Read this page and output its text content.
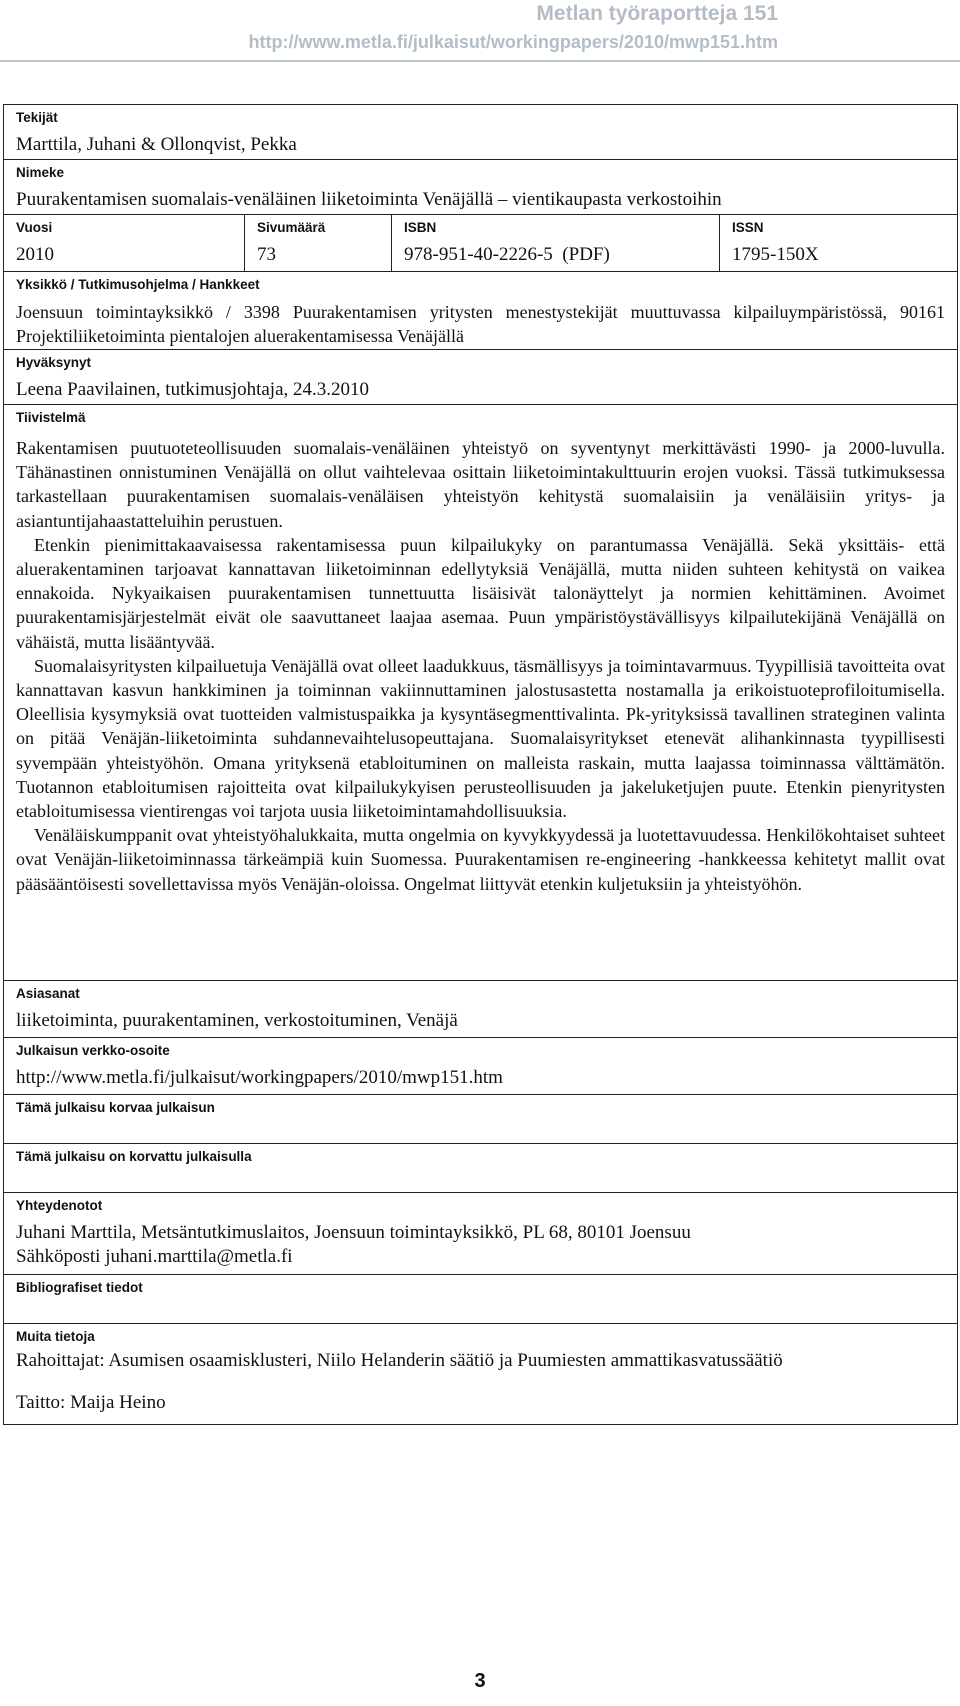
Metlan työraportteja 151
http://www.metla.fi/julkaisut/workingpapers/2010/mwp151.htm
Tekijät
Marttila, Juhani & Ollonqvist, Pekka
Nimeke
Puurakentamisen suomalais-venäläinen liiketoiminta Venäjällä – vientikaupasta verkostoihin
Vuosi
2010
Sivumäärä
73
ISBN
978-951-40-2226-5  (PDF)
ISSN
1795-150X
Yksikkö / Tutkimusohjelma / Hankkeet
Joensuun toimintayksikkö / 3398 Puurakentamisen yritysten menestystekijät muuttuvassa kilpailuympäristössä, 90161 Projektiliiketoiminta pientalojen aluerakentamisessa Venäjällä
Hyväksynyt
Leena Paavilainen, tutkimusjohtaja, 24.3.2010
Tiivistelmä

Rakentamisen puutuoteteollisuuden suomalais-venäläinen yhteistyö on syventynyt merkittävästi 1990- ja 2000-luvulla. Tähänastinen onnistuminen Venäjällä on ollut vaihtelevaa osittain liiketoimintakulttuurin erojen vuoksi. Tässä tutkimuksessa tarkastellaan puurakentamisen suomalais-venäläisen yhteistyön kehitystä suomalaisiin ja venäläisiin yritys- ja asiantuntijahaastatteluihin perustuen.

Etenkin pienimittakaavaisessa rakentamisessa puun kilpailukyky on parantumassa Venäjällä. Sekä yksittäis- että aluerakentaminen tarjoavat kannattavan liiketoiminnan edellytyksiä Venäjällä, mutta niiden suhteen kehitystä on vaikea ennakoida. Nykyaikaisen puurakentamisen tunnettuutta lisäisivät talonäyttelyt ja normien kehittäminen. Avoimet puurakentamisjärjestelmät eivät ole saavuttaneet laajaa asemaa. Puun ympäristöystävällisyys kilpailutekijänä Venäjällä on vähäistä, mutta lisääntyvää.

Suomalaisyritysten kilpailuetuja Venäjällä ovat olleet laadukkuus, täsmällisyys ja toimintavarmuus. Tyypillisiä tavoitteita ovat kannattavan kasvun hankkiminen ja toiminnan vakiinnuttaminen jalostusastetta nostamalla ja erikoistuoteprofiloitumisella. Oleellisia kysymyksiä ovat tuotteiden valmistuspaikka ja kysyntäsegmenttivalinta. Pk-yrityksissä tavallinen strateginen valinta on pitää Venäjän-liiketoiminta suhdannevaihtelusopeuttajana. Suomalaisyritykset etenevät alihankinnasta tyypillisesti syvempään yhteistyöhön. Omana yrityksenä etabloituminen on malleista raskain, mutta laajassa toiminnassa välttämätön. Tuotannon etabloitumisen rajoitteita ovat kilpailukykyisen perusteollisuuden ja jakeluketjujen puute. Etenkin pienyritysten etabloitumisessa vientirengas voi tarjota uusia liiketoimintamahdollisuuksia.

Venäläiskumppanit ovat yhteistyöhalukkaita, mutta ongelmia on kyvykkyydessä ja luotettavuudessa. Henkilökohtaiset suhteet ovat Venäjän-liiketoiminnassa tärkeämpiä kuin Suomessa. Puurakentamisen re-engineering -hankkeessa kehitetyt mallit ovat pääsääntöisesti sovellettavissa myös Venäjän-oloissa. Ongelmat liittyvät etenkin kuljetuksiin ja yhteistyöhön.

Asiasanat
liiketoiminta, puurakentaminen, verkostoituminen, Venäjä
Julkaisun verkko-osoite
http://www.metla.fi/julkaisut/workingpapers/2010/mwp151.htm
Tämä julkaisu korvaa julkaisun
Tämä julkaisu on korvattu julkaisulla
Yhteydenotot
Juhani Marttila, Metsäntutkimuslaitos, Joensuun toimintayksikkö, PL 68, 80101 Joensuu
Sähköposti juhani.marttila@metla.fi
Bibliografiset tiedot
Muita tietoja
Rahoittajat: Asumisen osaamisklusteri, Niilo Helanderin säätiö ja Puumiesten ammattikasvatussäätiö
Taitto: Maija Heino
3
